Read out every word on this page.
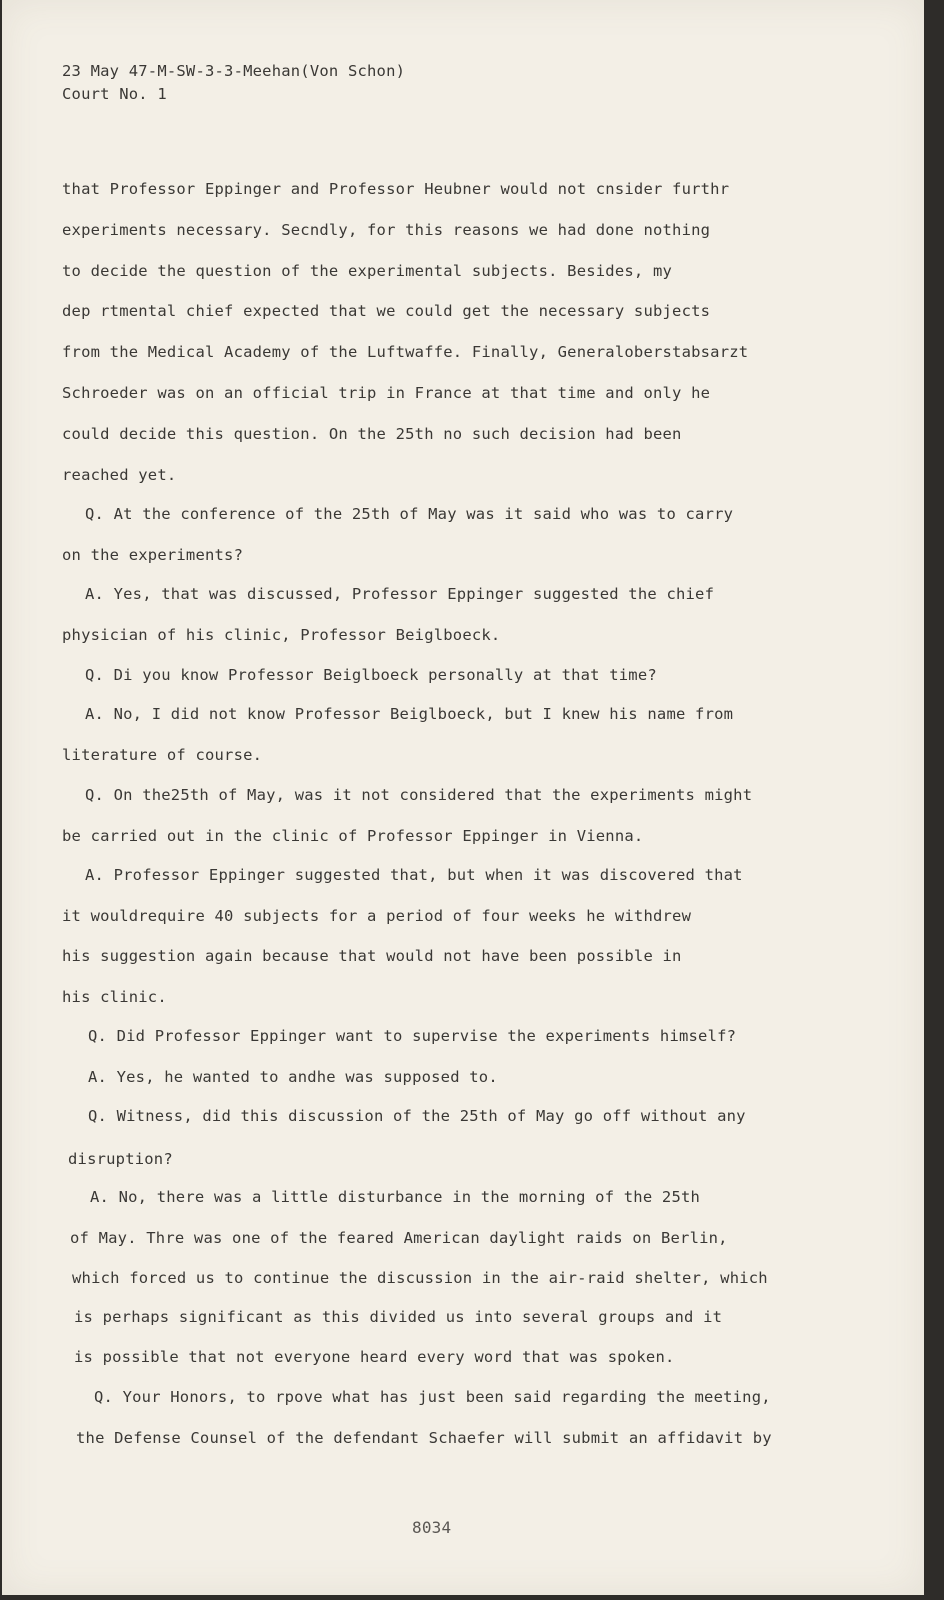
23 May 47-M-SW-3-3-Meehan(Von Schon)
Court No. 1
that Professor Eppinger and Professor Heubner would not cnsider furthr
experiments necessary. Secndly, for this reasons we had done nothing
to decide the question of the experimental subjects. Besides, my
dep rtmental chief expected that we could get the necessary subjects
from the Medical Academy of the Luftwaffe. Finally, Generaloberstabsarzt
Schroeder was on an official trip in France at that time and only he
could decide this question. On the 25th no such decision had been
reached yet.
Q. At the conference of the 25th of May was it said who was to carry
on the experiments?
A. Yes, that was discussed, Professor Eppinger suggested the chief
physician of his clinic, Professor Beiglboeck.
Q. Di you know Professor Beiglboeck personally at that time?
A. No, I did not know Professor Beiglboeck, but I knew his name from
literature of course.
Q. On the25th of May, was it not considered that the experiments might
be carried out in the clinic of Professor Eppinger in Vienna.
A. Professor Eppinger suggested that, but when it was discovered that
it wouldrequire 40 subjects for a period of four weeks he withdrew
his suggestion again because that would not have been possible in
his clinic.
Q. Did Professor Eppinger want to supervise the experiments himself?
A. Yes, he wanted to andhe was supposed to.
Q. Witness, did this discussion of the 25th of May go off without any
disruption?
A. No, there was a little disturbance in the morning of the 25th
of May. Thre was one of the feared American daylight raids on Berlin,
which forced us to continue the discussion in the air-raid shelter, which
is perhaps significant as this divided us into several groups and it
is possible that not everyone heard every word that was spoken.
Q. Your Honors, to rpove what has just been said regarding the meeting,
the Defense Counsel of the defendant Schaefer will submit an affidavit by
8034
